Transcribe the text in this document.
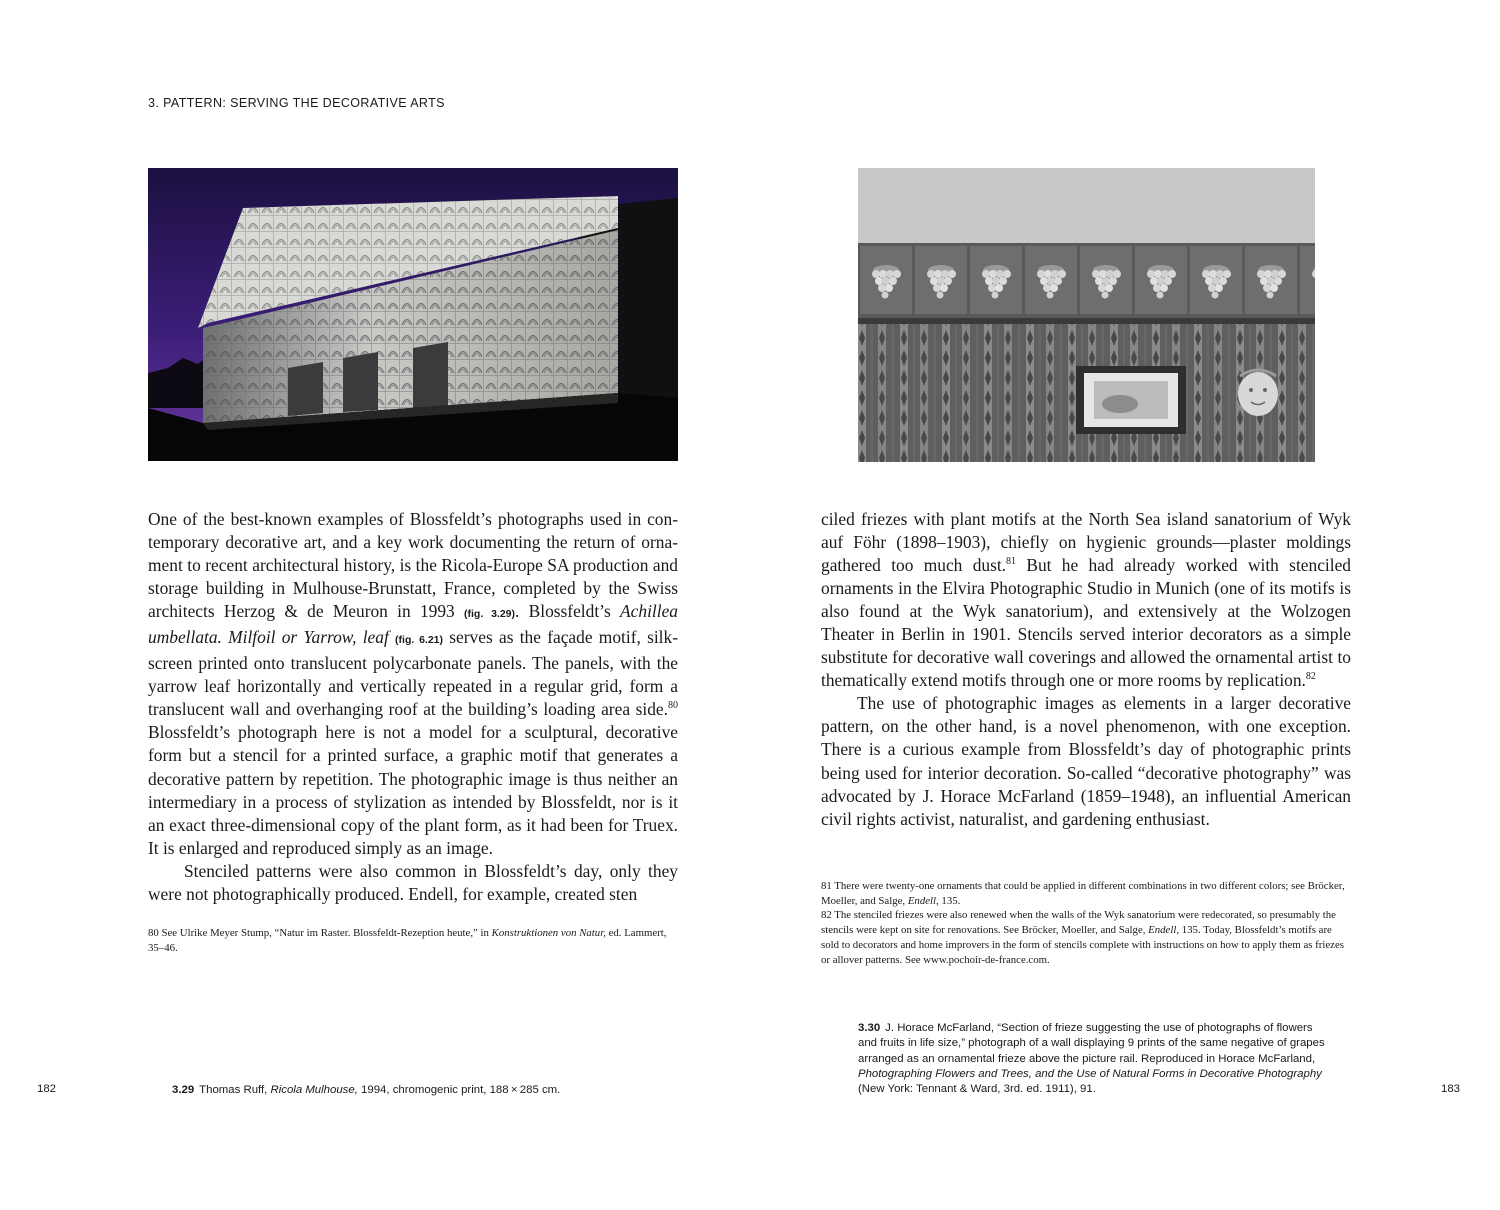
3. PATTERN: SERVING THE DECORATIVE ARTS

One of the best-known examples of Blossfeldt’s photographs used in contemporary decorative art, and a key work documenting the return of ornament to recent architectural history, is the Ricola-Europe SA production and storage building in Mulhouse-Brunstatt, France, completed by the Swiss architects Herzog & de Meuron in 1993 (fig. 3.29). Blossfeldt’s Achillea umbellata. Milfoil or Yarrow, leaf (fig. 6.21) serves as the façade motif, silkscreen printed onto translucent polycarbonate panels. The panels, with the yarrow leaf horizontally and vertically repeated in a regular grid, form a translucent wall and overhanging roof at the building’s loading area side.$^{80}$ Blossfeldt’s photograph here is not a model for a sculptural, decorative form but a stencil for a printed surface, a graphic motif that generates a decorative pattern by repetition. The photographic image is thus neither an intermediary in a process of stylization as intended by Blossfeldt, nor is it an exact three-dimensional copy of the plant form, as it had been for Truex. It is enlarged and reproduced simply as an image.

Stenciled patterns were also common in Blossfeldt’s day, only they were not photographically produced. Endell, for example, created sten

80 See Ulrike Meyer Stump, “Natur im Raster. Blossfeldt-Rezeption heute,” in Konstruktionen von Natur, ed. Lammert, 35–46.

ciled friezes with plant motifs at the North Sea island sanatorium of Wyk auf Föhr (1898–1903), chiefly on hygienic grounds—plaster moldings gathered too much dust.$^{81}$ But he had already worked with stenciled ornaments in the Elvira Photographic Studio in Munich (one of its motifs is also found at the Wyk sanatorium), and extensively at the Wolzogen Theater in Berlin in 1901. Stencils served interior decorators as a simple substitute for decorative wall coverings and allowed the ornamental artist to thematically extend motifs through one or more rooms by replication.$^{82}$

The use of photographic images as elements in a larger decorative pattern, on the other hand, is a novel phenomenon, with one exception. There is a curious example from Blossfeldt’s day of photographic prints being used for interior decoration. So-called “decorative photography” was advocated by J. Horace McFarland (1859–1948), an influential American civil rights activist, naturalist, and gardening enthusiast.

81 There were twenty-one ornaments that could be applied in different combinations in two different colors; see Bröcker, Moeller, and Salge, Endell, 135.

82 The stenciled friezes were also renewed when the walls of the Wyk sanatorium were redecorated, so presumably the stencils were kept on site for renovations. See Bröcker, Moeller, and Salge, Endell, 135. Today, Blossfeldt’s motifs are sold to decorators and home improvers in the form of stencils complete with instructions on how to apply them as friezes or allover patterns. See www.pochoir-de-france.com.

3.29 Thomas Ruff, Ricola Mulhouse, 1994, chromogenic print, 188 × 285 cm.
3.30 J. Horace McFarland, “Section of frieze suggesting the use of photographs of flowers and fruits in life size,” photograph of a wall displaying 9 prints of the same negative of grapes arranged as an ornamental frieze above the picture rail. Reproduced in Horace McFarland, Photographing Flowers and Trees, and the Use of Natural Forms in Decorative Photography (New York: Tennant & Ward, 3rd. ed. 1911), 91.
182	183
